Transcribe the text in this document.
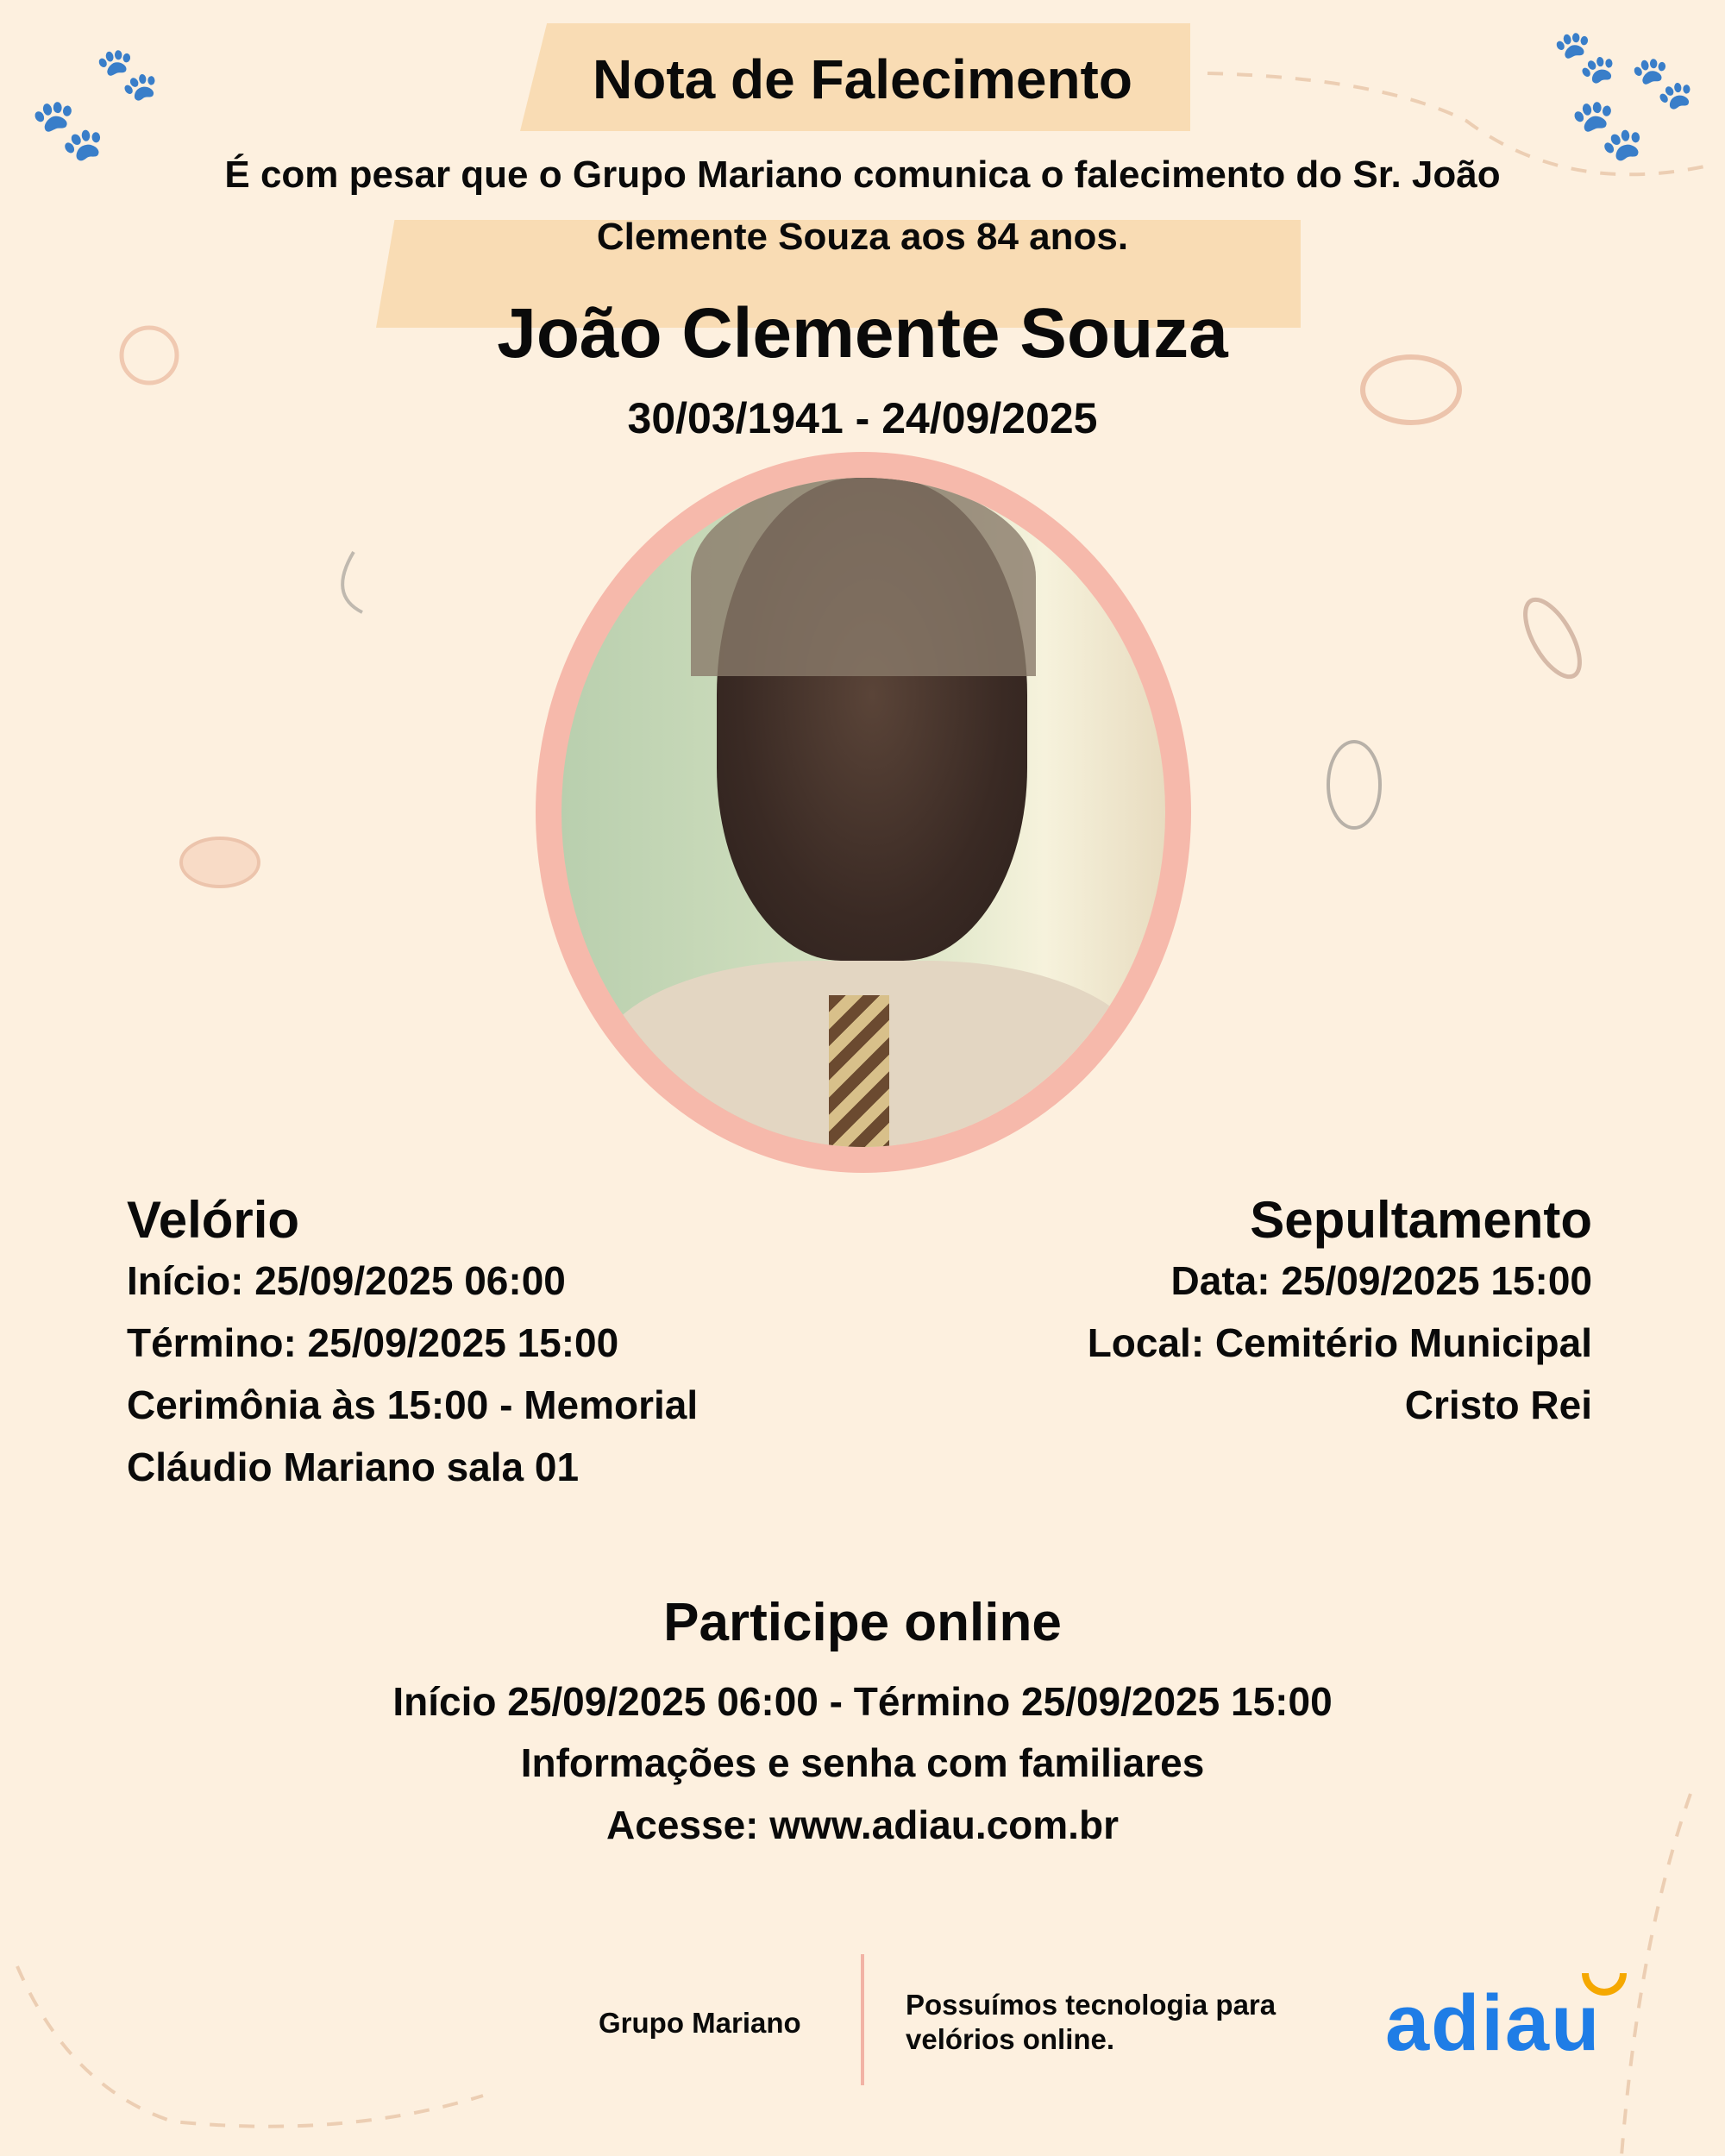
🐾
🐾
🐾 🐾
🐾
Nota de Falecimento
É com pesar que o Grupo Mariano comunica o falecimento do Sr. João
Clemente Souza aos 84 anos.
João Clemente Souza
30/03/1941 - 24/09/2025
Velório
Início: 25/09/2025 06:00
Término: 25/09/2025 15:00
Cerimônia às 15:00 - Memorial
Cláudio Mariano sala 01
Sepultamento
Data: 25/09/2025 15:00
Local: Cemitério Municipal
Cristo Rei
Participe online
Início 25/09/2025 06:00 - Término 25/09/2025 15:00
Informações e senha com familiares
Acesse: www.adiau.com.br
Grupo Mariano
Possuímos tecnologia para
velórios online.	adiau
